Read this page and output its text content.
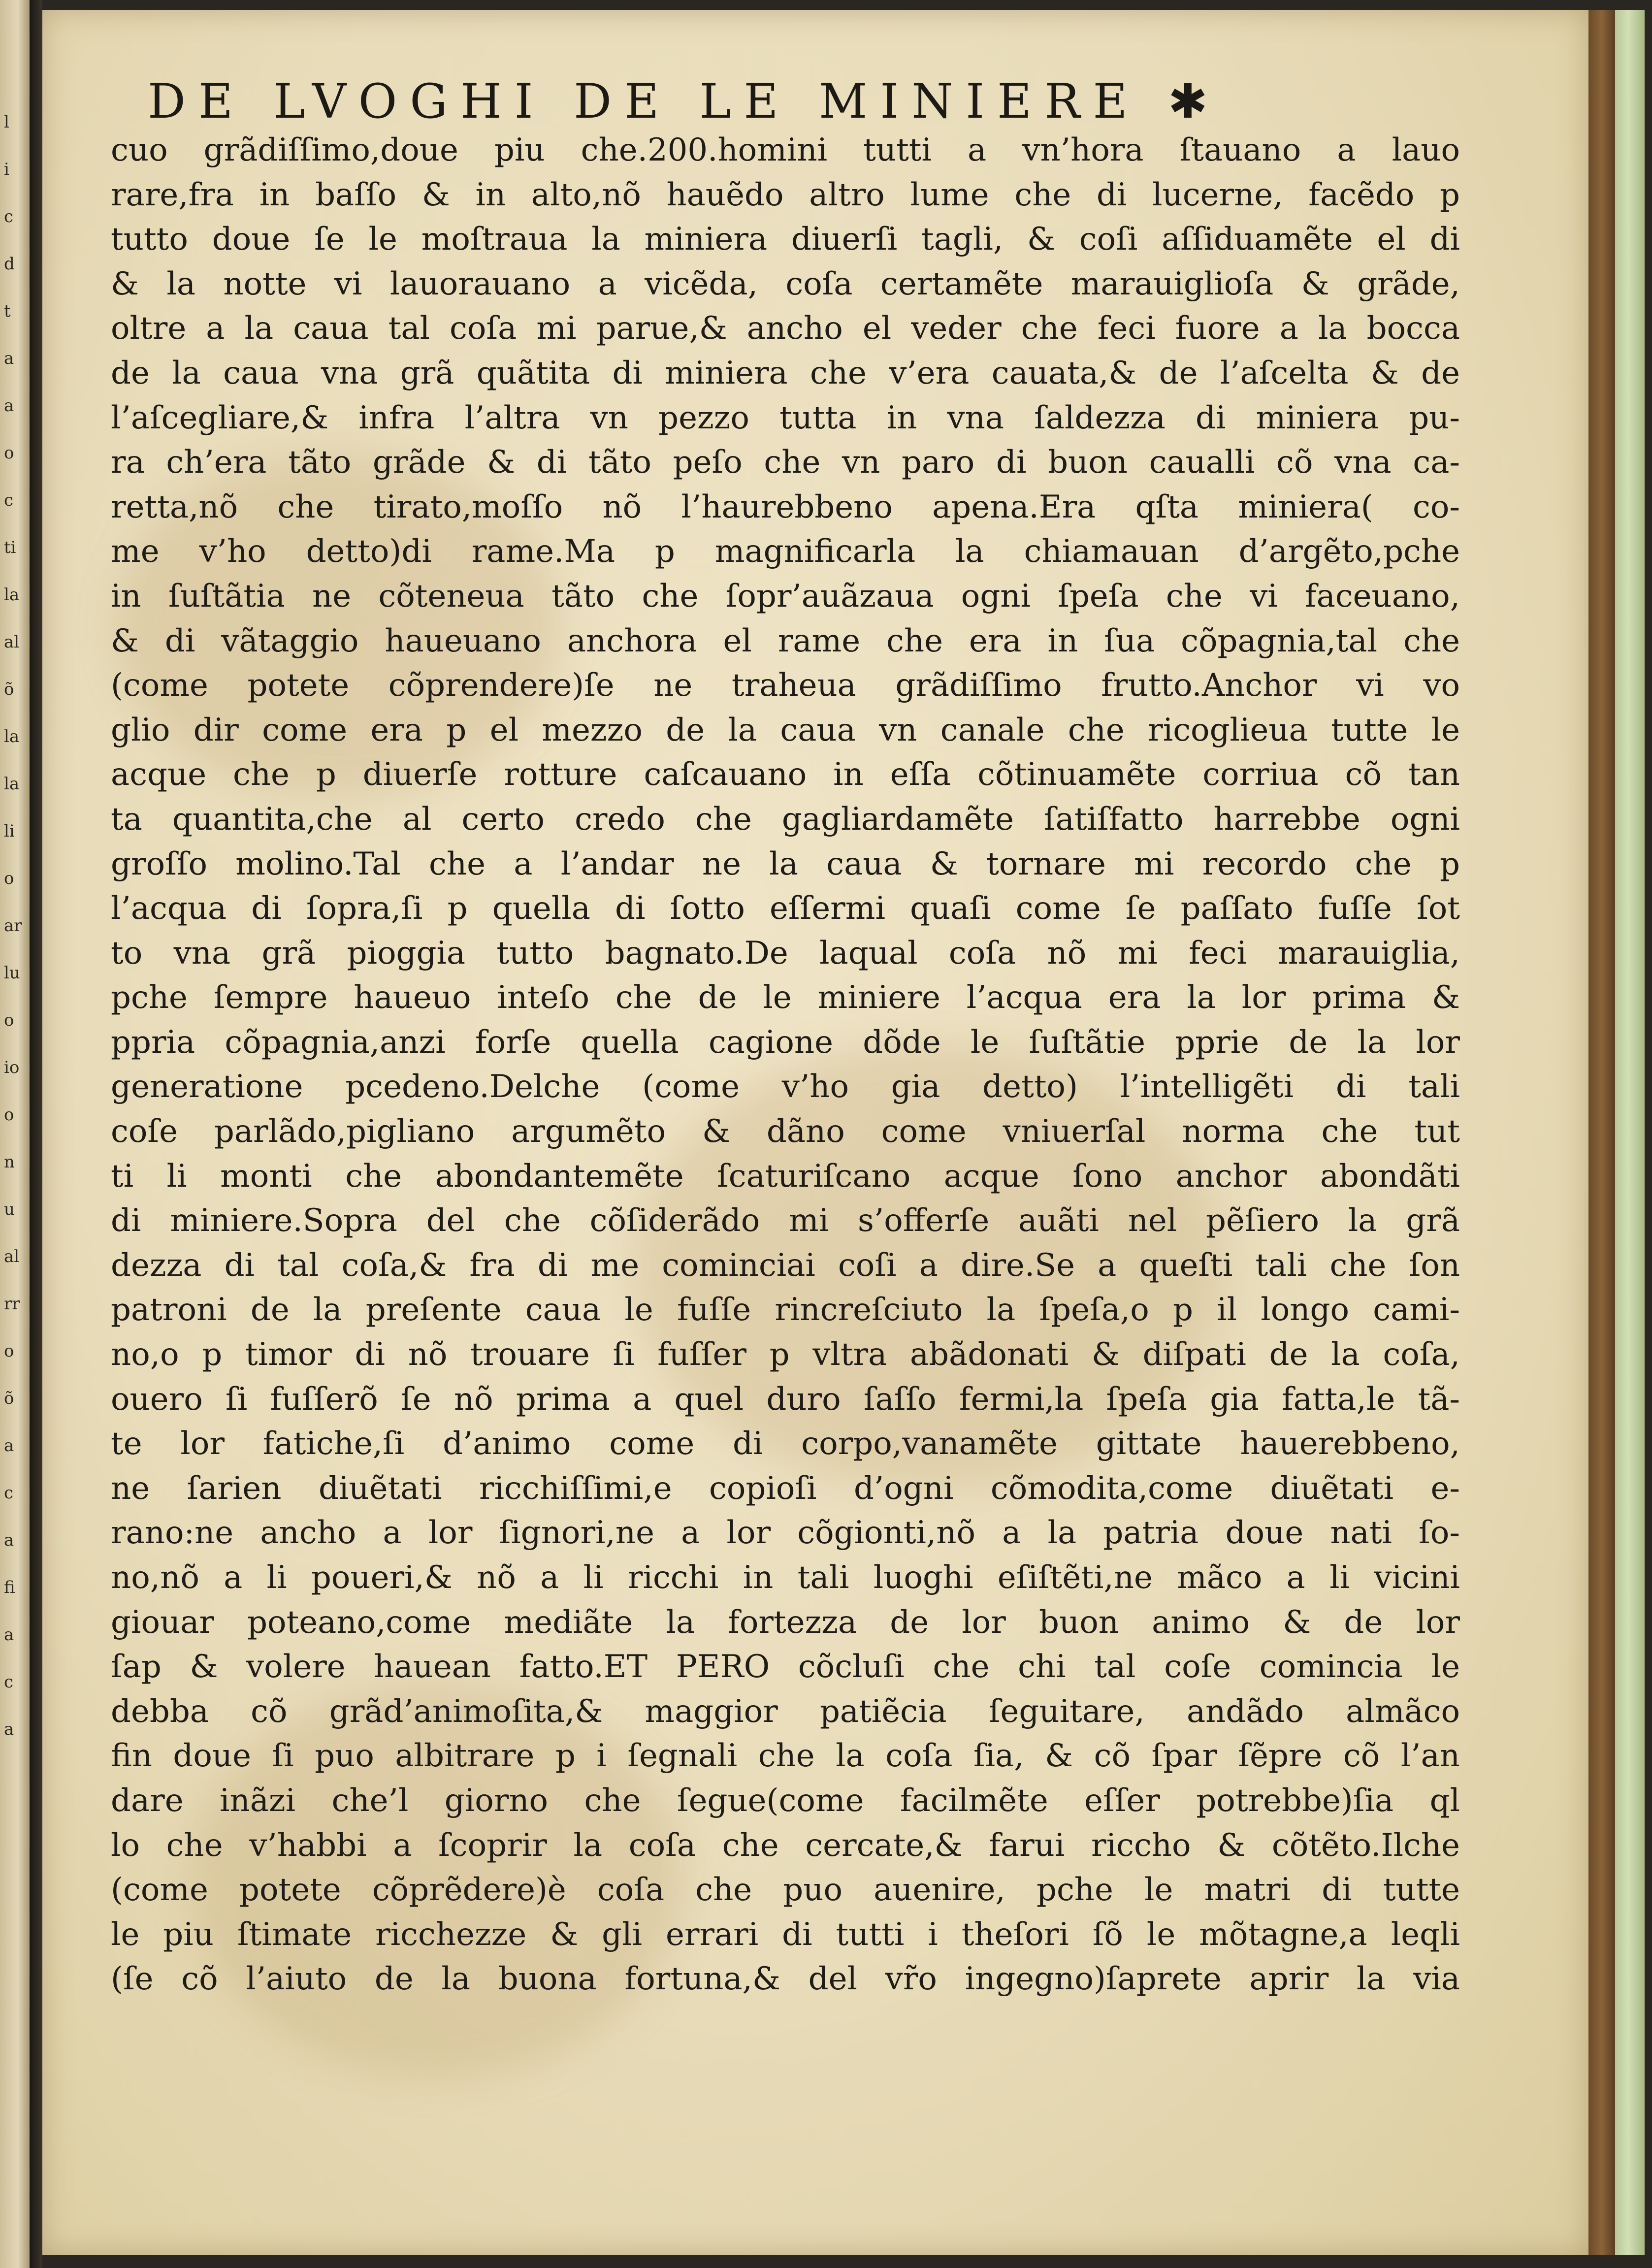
l
i
c
d
t
a
a
o
c
ti
la
al
õ
la
la
li
o
ar
lu
o
io
o
n
u
al
rr
o
õ
a
c
a
fi
a
c
a
DE LVOGHI DE LE MINIERE ✱
cuo grãdiſſimo,doue piu che.200.homini tutti a vn’hora ſtauano a lauo
rare,fra in baſſo & in alto,nõ hauẽdo altro lume che di lucerne, facẽdo p
tutto doue ſe le moſtraua la miniera diuerſi tagli, & coſi aſſiduamẽte el di
& la notte vi lauorauano a vicẽda, coſa certamẽte marauiglioſa & grãde,
oltre a la caua tal coſa mi parue,& ancho el veder che feci fuore a la bocca
de la caua vna grã quãtita di miniera che v’era cauata,& de l’aſcelta & de
l’aſcegliare,& infra l’altra vn pezzo tutta in vna ſaldezza di miniera pu-
ra ch’era tãto grãde & di tãto peſo che vn paro di buon caualli cõ vna ca-
retta,nõ che tirato,moſſo nõ l’haurebbeno apena.Era qſta miniera( co-
me v’ho detto)di rame.Ma p magnificarla la chiamauan d’argẽto,pche
in ſuſtãtia ne cõteneua tãto che ſopr’auãzaua ogni ſpeſa che vi faceuano,
& di vãtaggio haueuano anchora el rame che era in ſua cõpagnia,tal che
(come potete cõprendere)ſe ne traheua grãdiſſimo frutto.Anchor vi vo
glio dir come era p el mezzo de la caua vn canale che ricoglieua tutte le
acque che p diuerſe rotture caſcauano in eſſa cõtinuamẽte corriua cõ tan
ta quantita,che al certo credo che gagliardamẽte ſatiſfatto harrebbe ogni
groſſo molino.Tal che a l’andar ne la caua & tornare mi recordo che p
l’acqua di ſopra,ſi p quella di ſotto eſſermi quaſi come ſe paſſato fuſſe ſot
to vna grã pioggia tutto bagnato.De laqual coſa nõ mi feci marauiglia,
pche ſempre haueuo inteſo che de le miniere l’acqua era la lor prima &
ppria cõpagnia,anzi forſe quella cagione dõde le ſuſtãtie pprie de la lor
generatione pcedeno.Delche (come v’ho gia detto) l’intelligẽti di tali
coſe parlãdo,pigliano argumẽto & dãno come vniuerſal norma che tut
ti li monti che abondantemẽte ſcaturiſcano acque ſono anchor abondãti
di miniere.Sopra del che cõſiderãdo mi s’offerſe auãti nel pẽſiero la grã
dezza di tal coſa,& fra di me cominciai coſi a dire.Se a queſti tali che ſon
patroni de la preſente caua le fuſſe rincreſciuto la ſpeſa,o p il longo cami-
no,o p timor di nõ trouare ſi fuſſer p vltra abãdonati & diſpati de la coſa,
ouero ſi fuſſerõ ſe nõ prima a quel duro ſaſſo fermi,la ſpeſa gia fatta,le tã-
te lor fatiche,ſi d’animo come di corpo,vanamẽte gittate hauerebbeno,
ne ſarien diuẽtati ricchiſſimi,e copioſi d’ogni cõmodita,come diuẽtati e-
rano:ne ancho a lor ſignori,ne a lor cõgionti,nõ a la patria doue nati ſo-
no,nõ a li poueri,& nõ a li ricchi in tali luoghi eſiſtẽti,ne mãco a li vicini
giouar poteano,come mediãte la fortezza de lor buon animo & de lor
ſap & volere hauean fatto.ET PERO cõcluſi che chi tal coſe comincia le
debba cõ grãd’animoſita,& maggior patiẽcia ſeguitare, andãdo almãco
fin doue ſi puo albitrare p i ſegnali che la coſa ſia, & cõ ſpar ſẽpre cõ l’an
dare inãzi che’l giorno che ſegue(come facilmẽte eſſer potrebbe)ſia ql
lo che v’habbi a ſcoprir la coſa che cercate,& farui riccho & cõtẽto.Ilche
(come potete cõprẽdere)è coſa che puo auenire, pche le matri di tutte
le piu ſtimate ricchezze & gli errari di tutti i theſori ſõ le mõtagne,a leqli
(ſe cõ l’aiuto de la buona fortuna,& del vr̃o ingegno)ſaprete aprir la via
